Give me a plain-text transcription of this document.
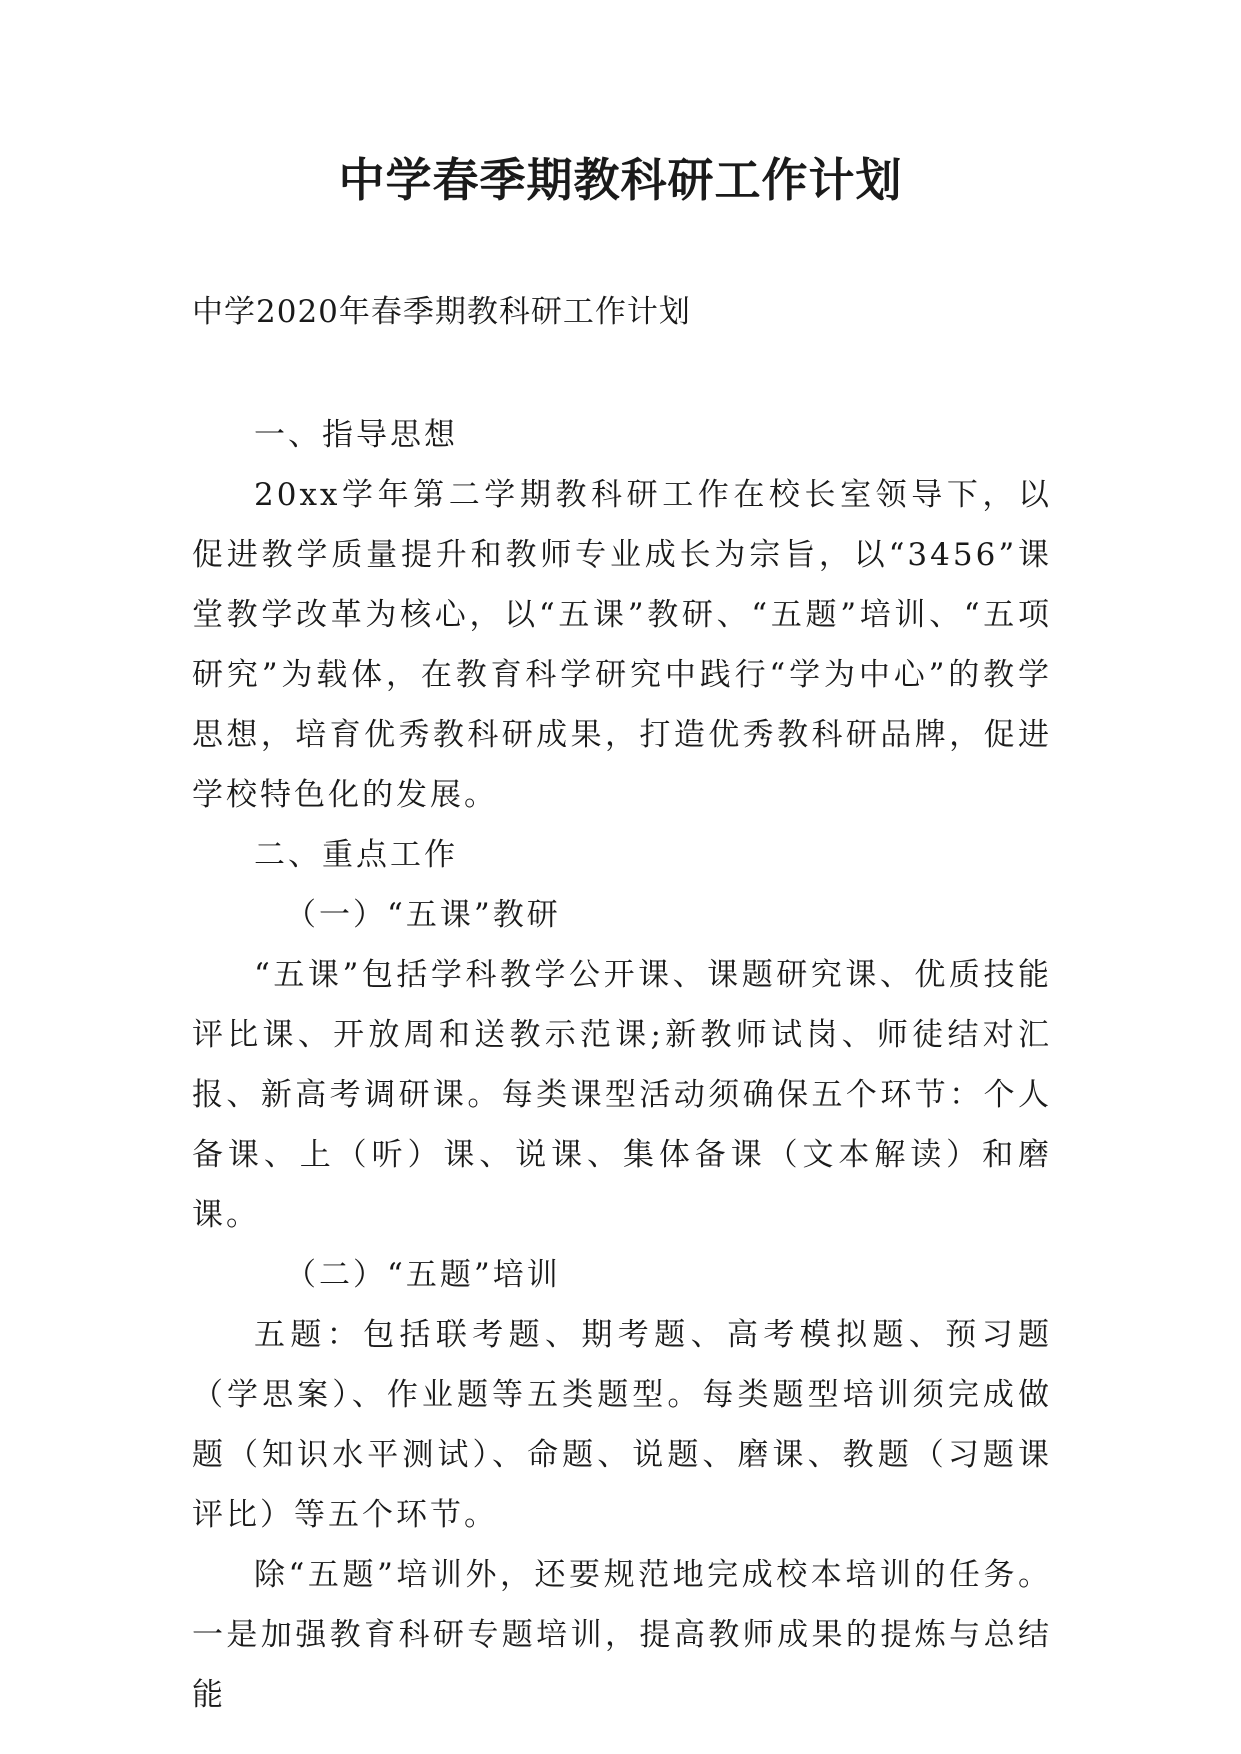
中学春季期教科研工作计划
中学2020年春季期教科研工作计划

一、指导思想

20xx学年第二学期教科研工作在校长室领导下，以促进教学质量提升和教师专业成长为宗旨，以“3456”课堂教学改革为核心，以“五课”教研、“五题”培训、“五项研究”为载体，在教育科学研究中践行“学为中心”的教学思想，培育优秀教科研成果，打造优秀教科研品牌，促进学校特色化的发展。

二、重点工作

（一）“五课”教研

“五课”包括学科教学公开课、课题研究课、优质技能评比课、开放周和送教示范课;新教师试岗、师徒结对汇报、新高考调研课。每类课型活动须确保五个环节：个人备课、上（听）课、说课、集体备课（文本解读）和磨课。

（二）“五题”培训

五题：包括联考题、期考题、高考模拟题、预习题（学思案）、作业题等五类题型。每类题型培训须完成做题（知识水平测试）、命题、说题、磨课、教题（习题课评比）等五个环节。

除“五题”培训外，还要规范地完成校本培训的任务。一是加强教育科研专题培训，提高教师成果的提炼与总结能
